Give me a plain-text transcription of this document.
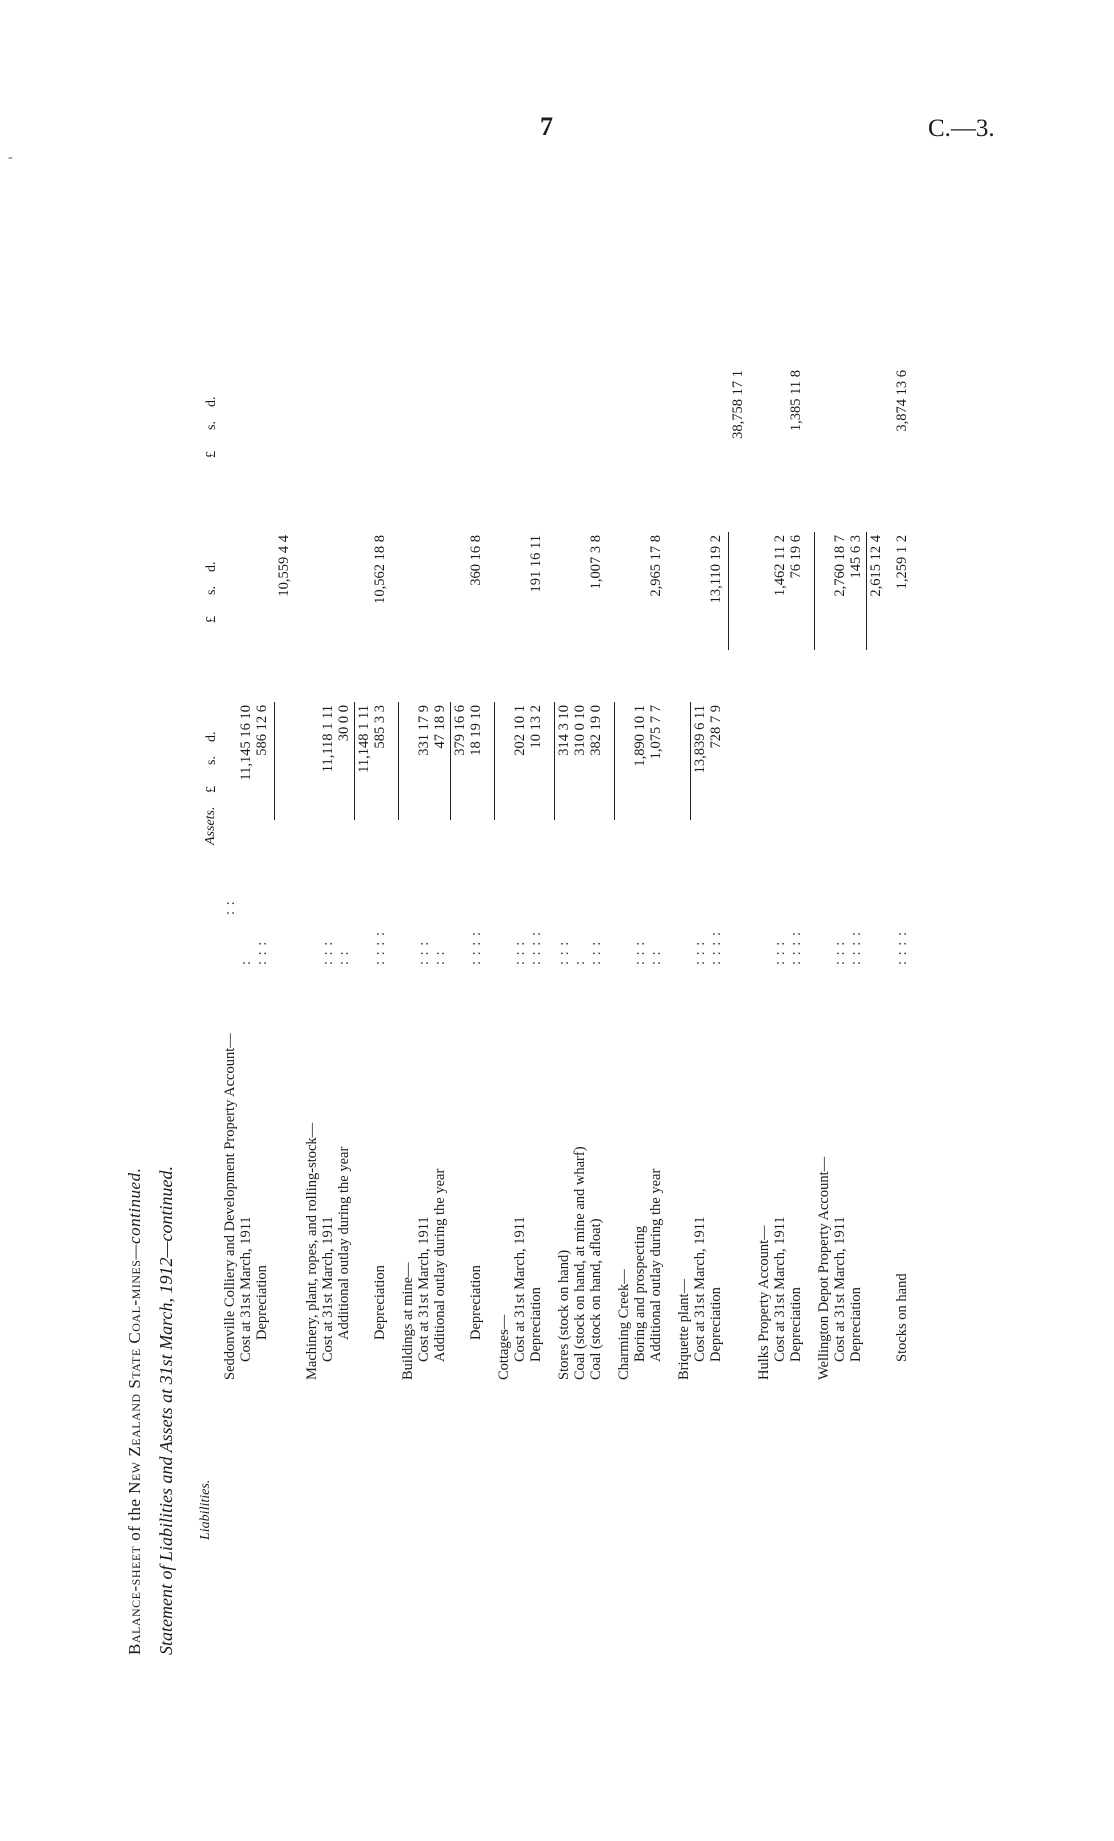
7	C.—3.
-
Balance-sheet of the New Zealand State Coal-mines—continued. Statement of Liabilities and Assets at 31st March, 1912—continued. Liabilities.
Assets.
£      s.    d.
£      s.    d.
£      s.    d.
Seddonville Colliery and Development Property Account—
: :
Cost at 31st March, 1911
:
11,145 16 10
Depreciation
: : :
586 12 6
10,559 4 4
Machinery, plant, ropes, and rolling-stock— Cost at 31st March, 1911
: : :
11,118 1 11
Additional outlay during the year
: :
30 0 0 11,148 1 11
Depreciation
: : : :
585 3 3
10,562 18 8
Buildings at mine— Cost at 31st March, 1911
: : :
331 17 9
Additional outlay during the year
: :
47 18 9 379 16 6
Depreciation
: : : :
18 19 10
360 16 8
Cottages— Cost at 31st March, 1911
: : :
202 10 1
Depreciation
: : : :
10 13 2
191 16 11
Stores (stock on hand)
: : :
314 3 10
Coal (stock on hand, at mine and wharf)
:
310 0 10
Coal (stock on hand, afloat)
: : :
382 19 0
1,007 3 8
Charming Creek— Boring and prospecting
: : :
1,890 10 1
Additional outlay during the year
: :
1,075 7 7
2,965 17 8
Briquette plant— Cost at 31st March, 1911
: : :
13,839 6 11
Depreciation
: : : :
728 7 9
13,110 19 2
38,758 17 1
Hulks Property Account— Cost at 31st March, 1911
: : :
1,462 11 2
Depreciation
: : : :
76 19 6
1,385 11 8
Wellington Depot Property Account— Cost at 31st March, 1911
: : :
2,760 18 7
Depreciation
: : : :
145 6 3 2,615 12 4
Stocks on hand
: : : :
1,259 1 2
3,874 13 6
